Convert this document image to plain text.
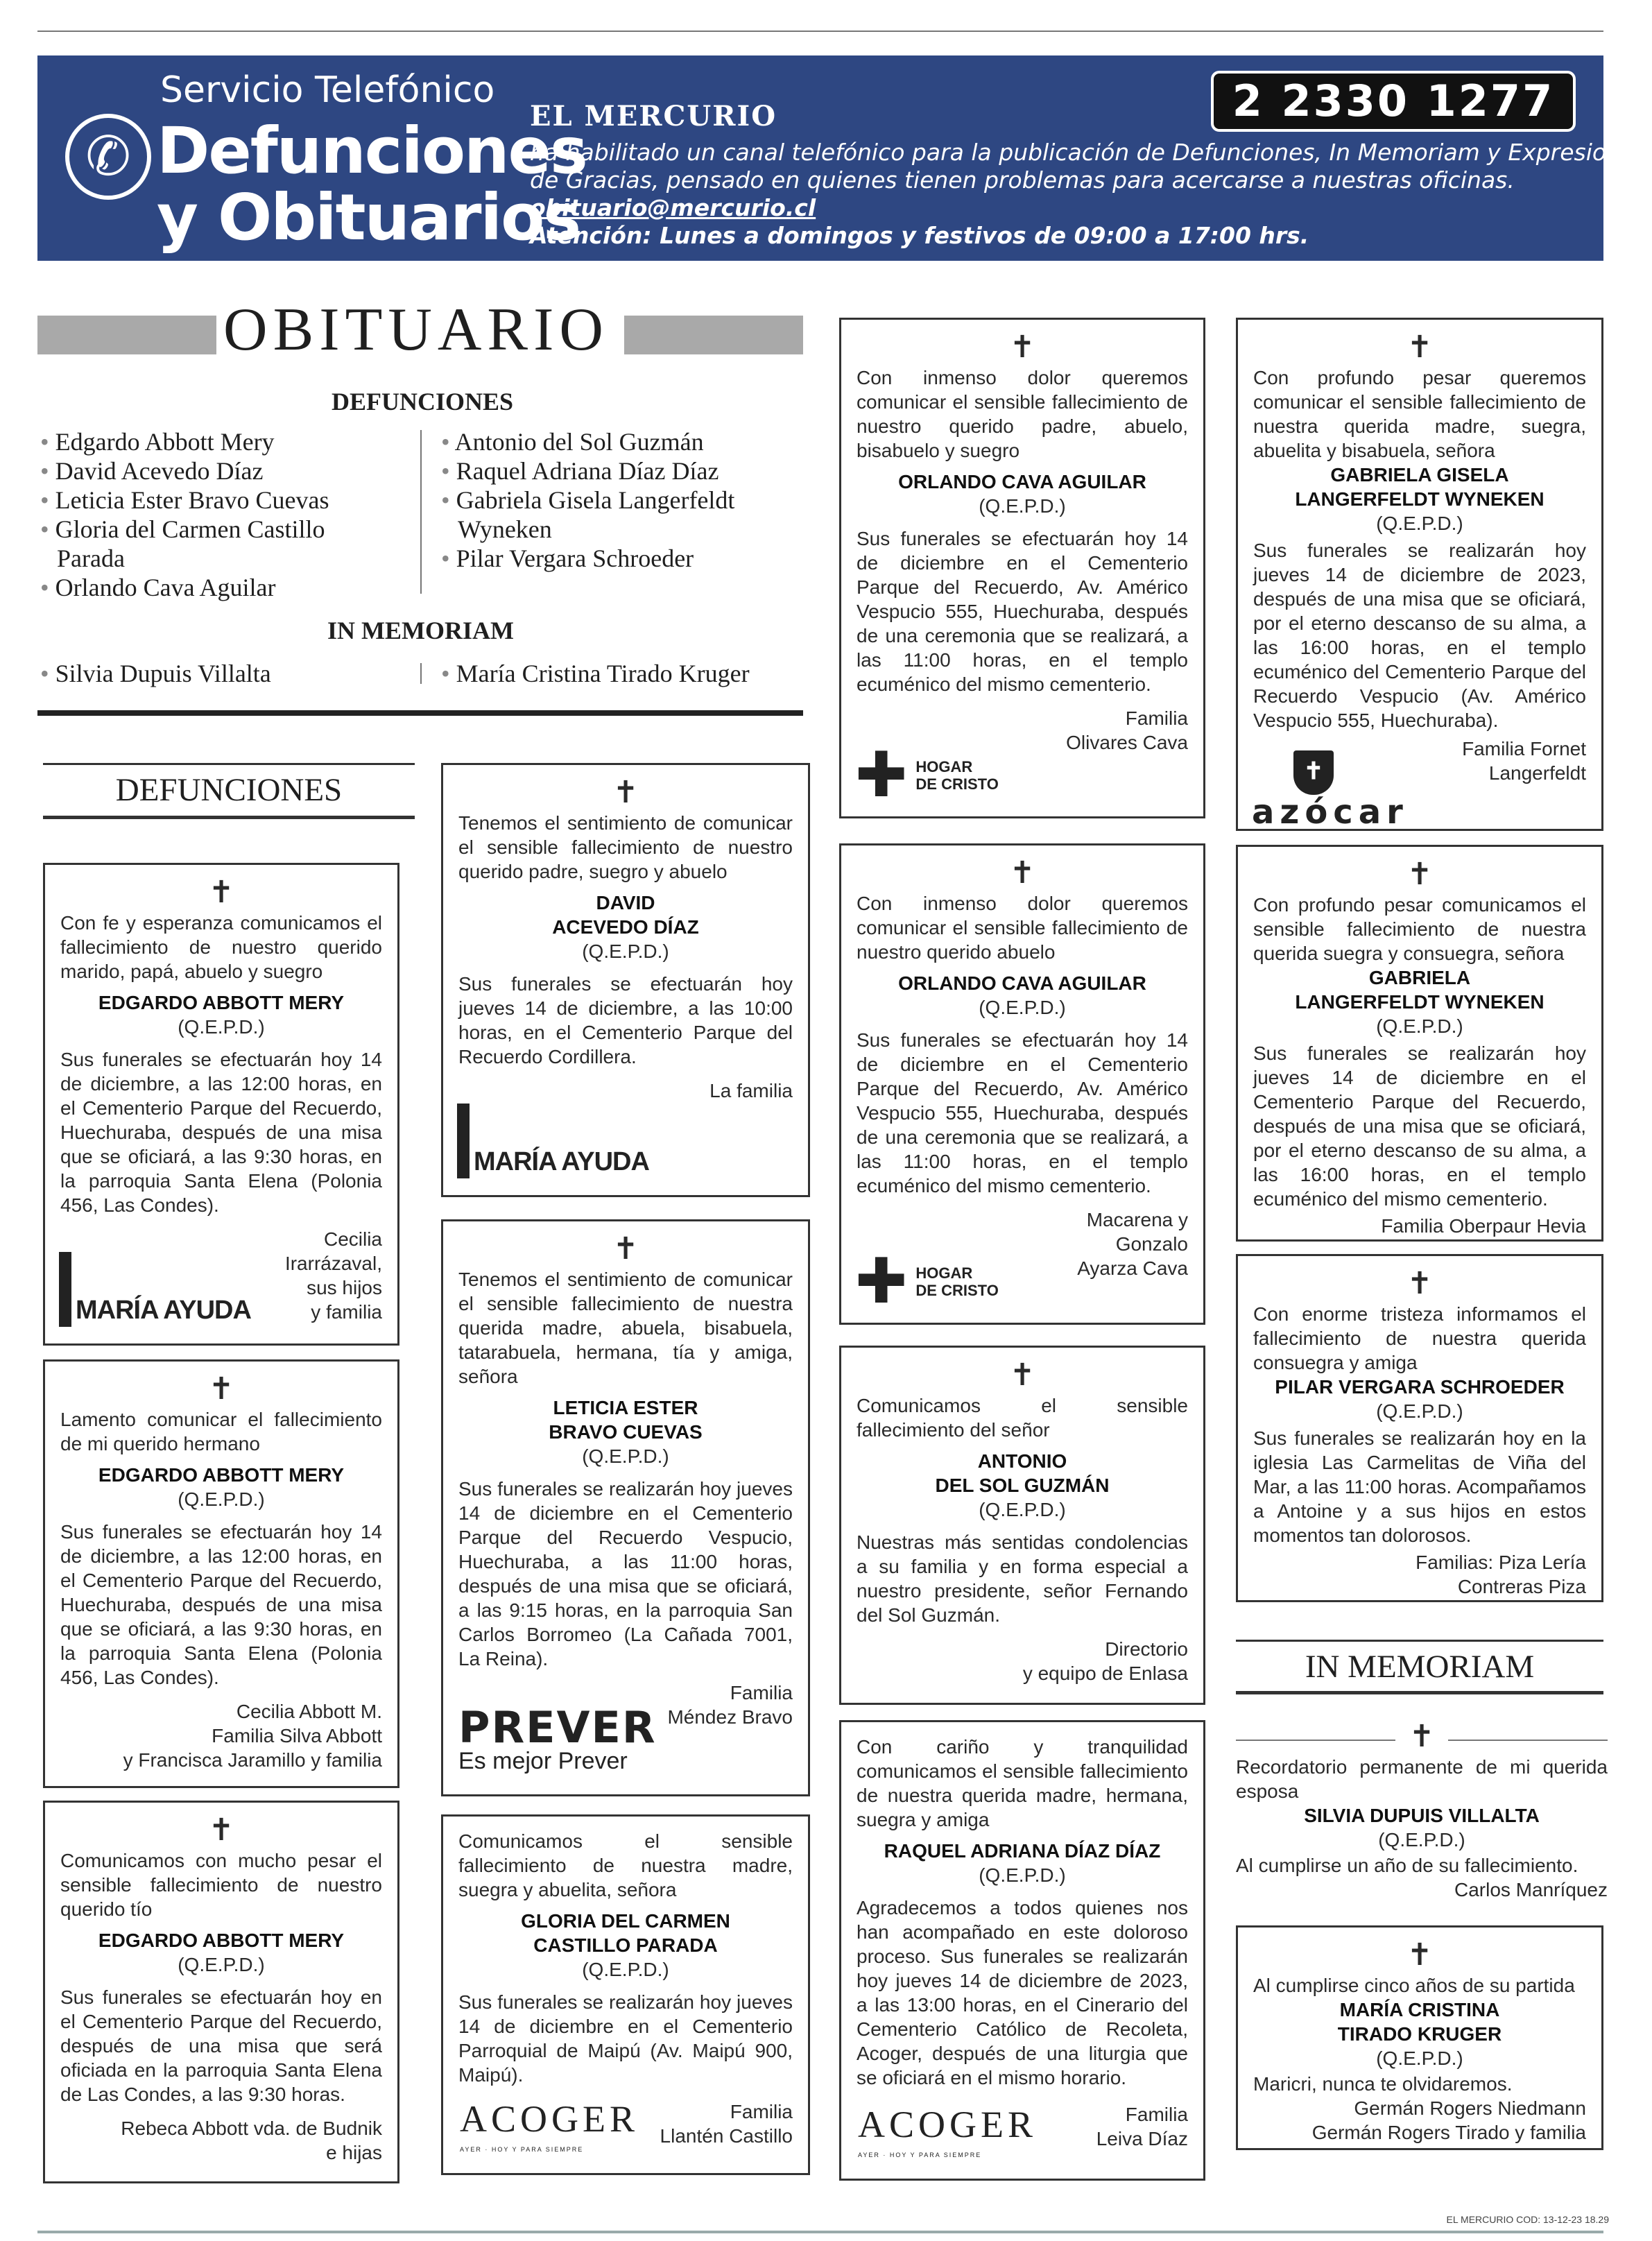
✆
Servicio Telefónico
Defunciones
y Obituarios
EL MERCURIO
ha habilitado un canal telefónico para la publicación de Defunciones, In Memoriam y Expresiones
de Gracias, pensado en quienes tienen problemas para acercarse a nuestras oficinas.
obituario@mercurio.cl
Atención: Lunes a domingos y festivos de 09:00 a 17:00 hrs.
2 2330 1277
OBITUARIO
DEFUNCIONES
• Edgardo Abbott Mery
• David Acevedo Díaz
• Leticia Ester Bravo Cuevas
• Gloria del Carmen Castillo
Parada
• Orlando Cava Aguilar
• Antonio del Sol Guzmán
• Raquel Adriana Díaz Díaz
• Gabriela Gisela Langerfeldt
Wyneken
• Pilar Vergara Schroeder
IN MEMORIAM
• Silvia Dupuis Villalta	• María Cristina Tirado Kruger
DEFUNCIONES
✝
Con fe y esperanza comunicamos el fallecimiento de nuestro querido marido, papá, abuelo y suegro
EDGARDO ABBOTT MERY
(Q.E.P.D.)
Sus funerales se efectuarán hoy 14 de diciembre, a las 12:00 horas, en el Cementerio Parque del Recuerdo, Huechuraba, después de una misa que se oficiará, a las 9:30 horas, en la parroquia Santa Elena (Polonia 456, Las Condes).
Cecilia
Irarrázaval,
sus hijos
y familia
MARÍA AYUDA
✝
Lamento comunicar el fallecimiento de mi querido hermano
EDGARDO ABBOTT MERY
(Q.E.P.D.)
Sus funerales se efectuarán hoy 14 de diciembre, a las 12:00 horas, en el Cementerio Parque del Recuerdo, Huechuraba, después de una misa que se oficiará, a las 9:30 horas, en la parroquia Santa Elena (Polonia 456, Las Condes).
Cecilia Abbott M.
Familia Silva Abbott
y Francisca Jaramillo y familia
✝
Comunicamos con mucho pesar el sensible fallecimiento de nuestro querido tío
EDGARDO ABBOTT MERY
(Q.E.P.D.)
Sus funerales se efectuarán hoy en el Cementerio Parque del Recuerdo, después de una misa que será oficiada en la parroquia Santa Elena de Las Condes, a las 9:30 horas.
Rebeca Abbott vda. de Budnik
e hijas
✝
Tenemos el sentimiento de comunicar el sensible fallecimiento de nuestro querido padre, suegro y abuelo
DAVID
ACEVEDO DÍAZ
(Q.E.P.D.)
Sus funerales se efectuarán hoy jueves 14 de diciembre, a las 10:00 horas, en el Cementerio Parque del Recuerdo Cordillera.
La familia
MARÍA AYUDA
✝
Tenemos el sentimiento de comunicar el sensible fallecimiento de nuestra querida madre, abuela, bisabuela, tatarabuela, hermana, tía y amiga, señora
LETICIA ESTER
BRAVO CUEVAS
(Q.E.P.D.)
Sus funerales se realizarán hoy jueves 14 de diciembre en el Cementerio Parque del Recuerdo Vespucio, Huechuraba, a las 11:00 horas, después de una misa que se oficiará, a las 9:15 horas, en la parroquia San Carlos Borromeo (La Cañada 7001, La Reina).
Familia
Méndez Bravo
PREVER
Es mejor Prever
Comunicamos el sensible fallecimiento de nuestra madre, suegra y abuelita, señora
GLORIA DEL CARMEN
CASTILLO PARADA
(Q.E.P.D.)
Sus funerales se realizarán hoy jueves 14 de diciembre en el Cementerio Parroquial de Maipú (Av. Maipú 900, Maipú).
Familia
Llantén Castillo
ACOGER
AYER · HOY Y PARA SIEMPRE
✝
Con inmenso dolor queremos comunicar el sensible fallecimiento de nuestro querido padre, abuelo, bisabuelo y suegro
ORLANDO CAVA AGUILAR
(Q.E.P.D.)
Sus funerales se efectuarán hoy 14 de diciembre en el Cementerio Parque del Recuerdo, Av. Américo Vespucio 555, Huechuraba, después de una ceremonia que se realizará, a las 11:00 horas, en el templo ecuménico del mismo cementerio.
Familia
Olivares Cava
✚ HOGAR
DE CRISTO
✝
Con inmenso dolor queremos comunicar el sensible fallecimiento de nuestro querido abuelo
ORLANDO CAVA AGUILAR
(Q.E.P.D.)
Sus funerales se efectuarán hoy 14 de diciembre en el Cementerio Parque del Recuerdo, Av. Américo Vespucio 555, Huechuraba, después de una ceremonia que se realizará, a las 11:00 horas, en el templo ecuménico del mismo cementerio.
Macarena y
Gonzalo
Ayarza Cava
✚ HOGAR
DE CRISTO
✝
Comunicamos el sensible fallecimiento del señor
ANTONIO
DEL SOL GUZMÁN
(Q.E.P.D.)
Nuestras más sentidas condolencias a su familia y en forma especial a nuestro presidente, señor Fernando del Sol Guzmán.
Directorio
y equipo de Enlasa
Con cariño y tranquilidad comunicamos el sensible fallecimiento de nuestra querida madre, hermana, suegra y amiga
RAQUEL ADRIANA DÍAZ DÍAZ
(Q.E.P.D.)
Agradecemos a todos quienes nos han acompañado en este doloroso proceso. Sus funerales se realizarán hoy jueves 14 de diciembre de 2023, a las 13:00 horas, en el Cinerario del Cementerio Católico de Recoleta, Acoger, después de una liturgia que se oficiará en el mismo horario.
Familia
Leiva Díaz
ACOGER
AYER · HOY Y PARA SIEMPRE
✝
Con profundo pesar queremos comunicar el sensible fallecimiento de nuestra querida madre, suegra, abuelita y bisabuela, señora
GABRIELA GISELA
LANGERFELDT WYNEKEN
(Q.E.P.D.)
Sus funerales se realizarán hoy jueves 14 de diciembre de 2023, después de una misa que se oficiará, por el eterno descanso de su alma, a las 16:00 horas, en el templo ecuménico del Cementerio Parque del Recuerdo Vespucio (Av. Américo Vespucio 555, Huechuraba).
Familia Fornet
Langerfeldt
✝
azócar
✝
Con profundo pesar comunicamos el sensible fallecimiento de nuestra querida suegra y consuegra, señora
GABRIELA
LANGERFELDT WYNEKEN
(Q.E.P.D.)
Sus funerales se realizarán hoy jueves 14 de diciembre en el Cementerio Parque del Recuerdo, después de una misa que se oficiará, por el eterno descanso de su alma, a las 16:00 horas, en el templo ecuménico del mismo cementerio.
Familia Oberpaur Hevia
✝
Con enorme tristeza informamos el fallecimiento de nuestra querida consuegra y amiga
PILAR VERGARA SCHROEDER
(Q.E.P.D.)
Sus funerales se realizarán hoy en la iglesia Las Carmelitas de Viña del Mar, a las 11:00 horas. Acompañamos a Antoine y a sus hijos en estos momentos tan dolorosos.
Familias: Piza Lería
Contreras Piza
IN MEMORIAM
✝
Recordatorio permanente de mi querida esposa
SILVIA DUPUIS VILLALTA
(Q.E.P.D.)
Al cumplirse un año de su fallecimiento.
Carlos Manríquez
✝
Al cumplirse cinco años de su partida
MARÍA CRISTINA
TIRADO KRUGER
(Q.E.P.D.)
Maricri, nunca te olvidaremos.
Germán Rogers Niedmann
Germán Rogers Tirado y familia
EL MERCURIO COD: 13-12-23 18.29
